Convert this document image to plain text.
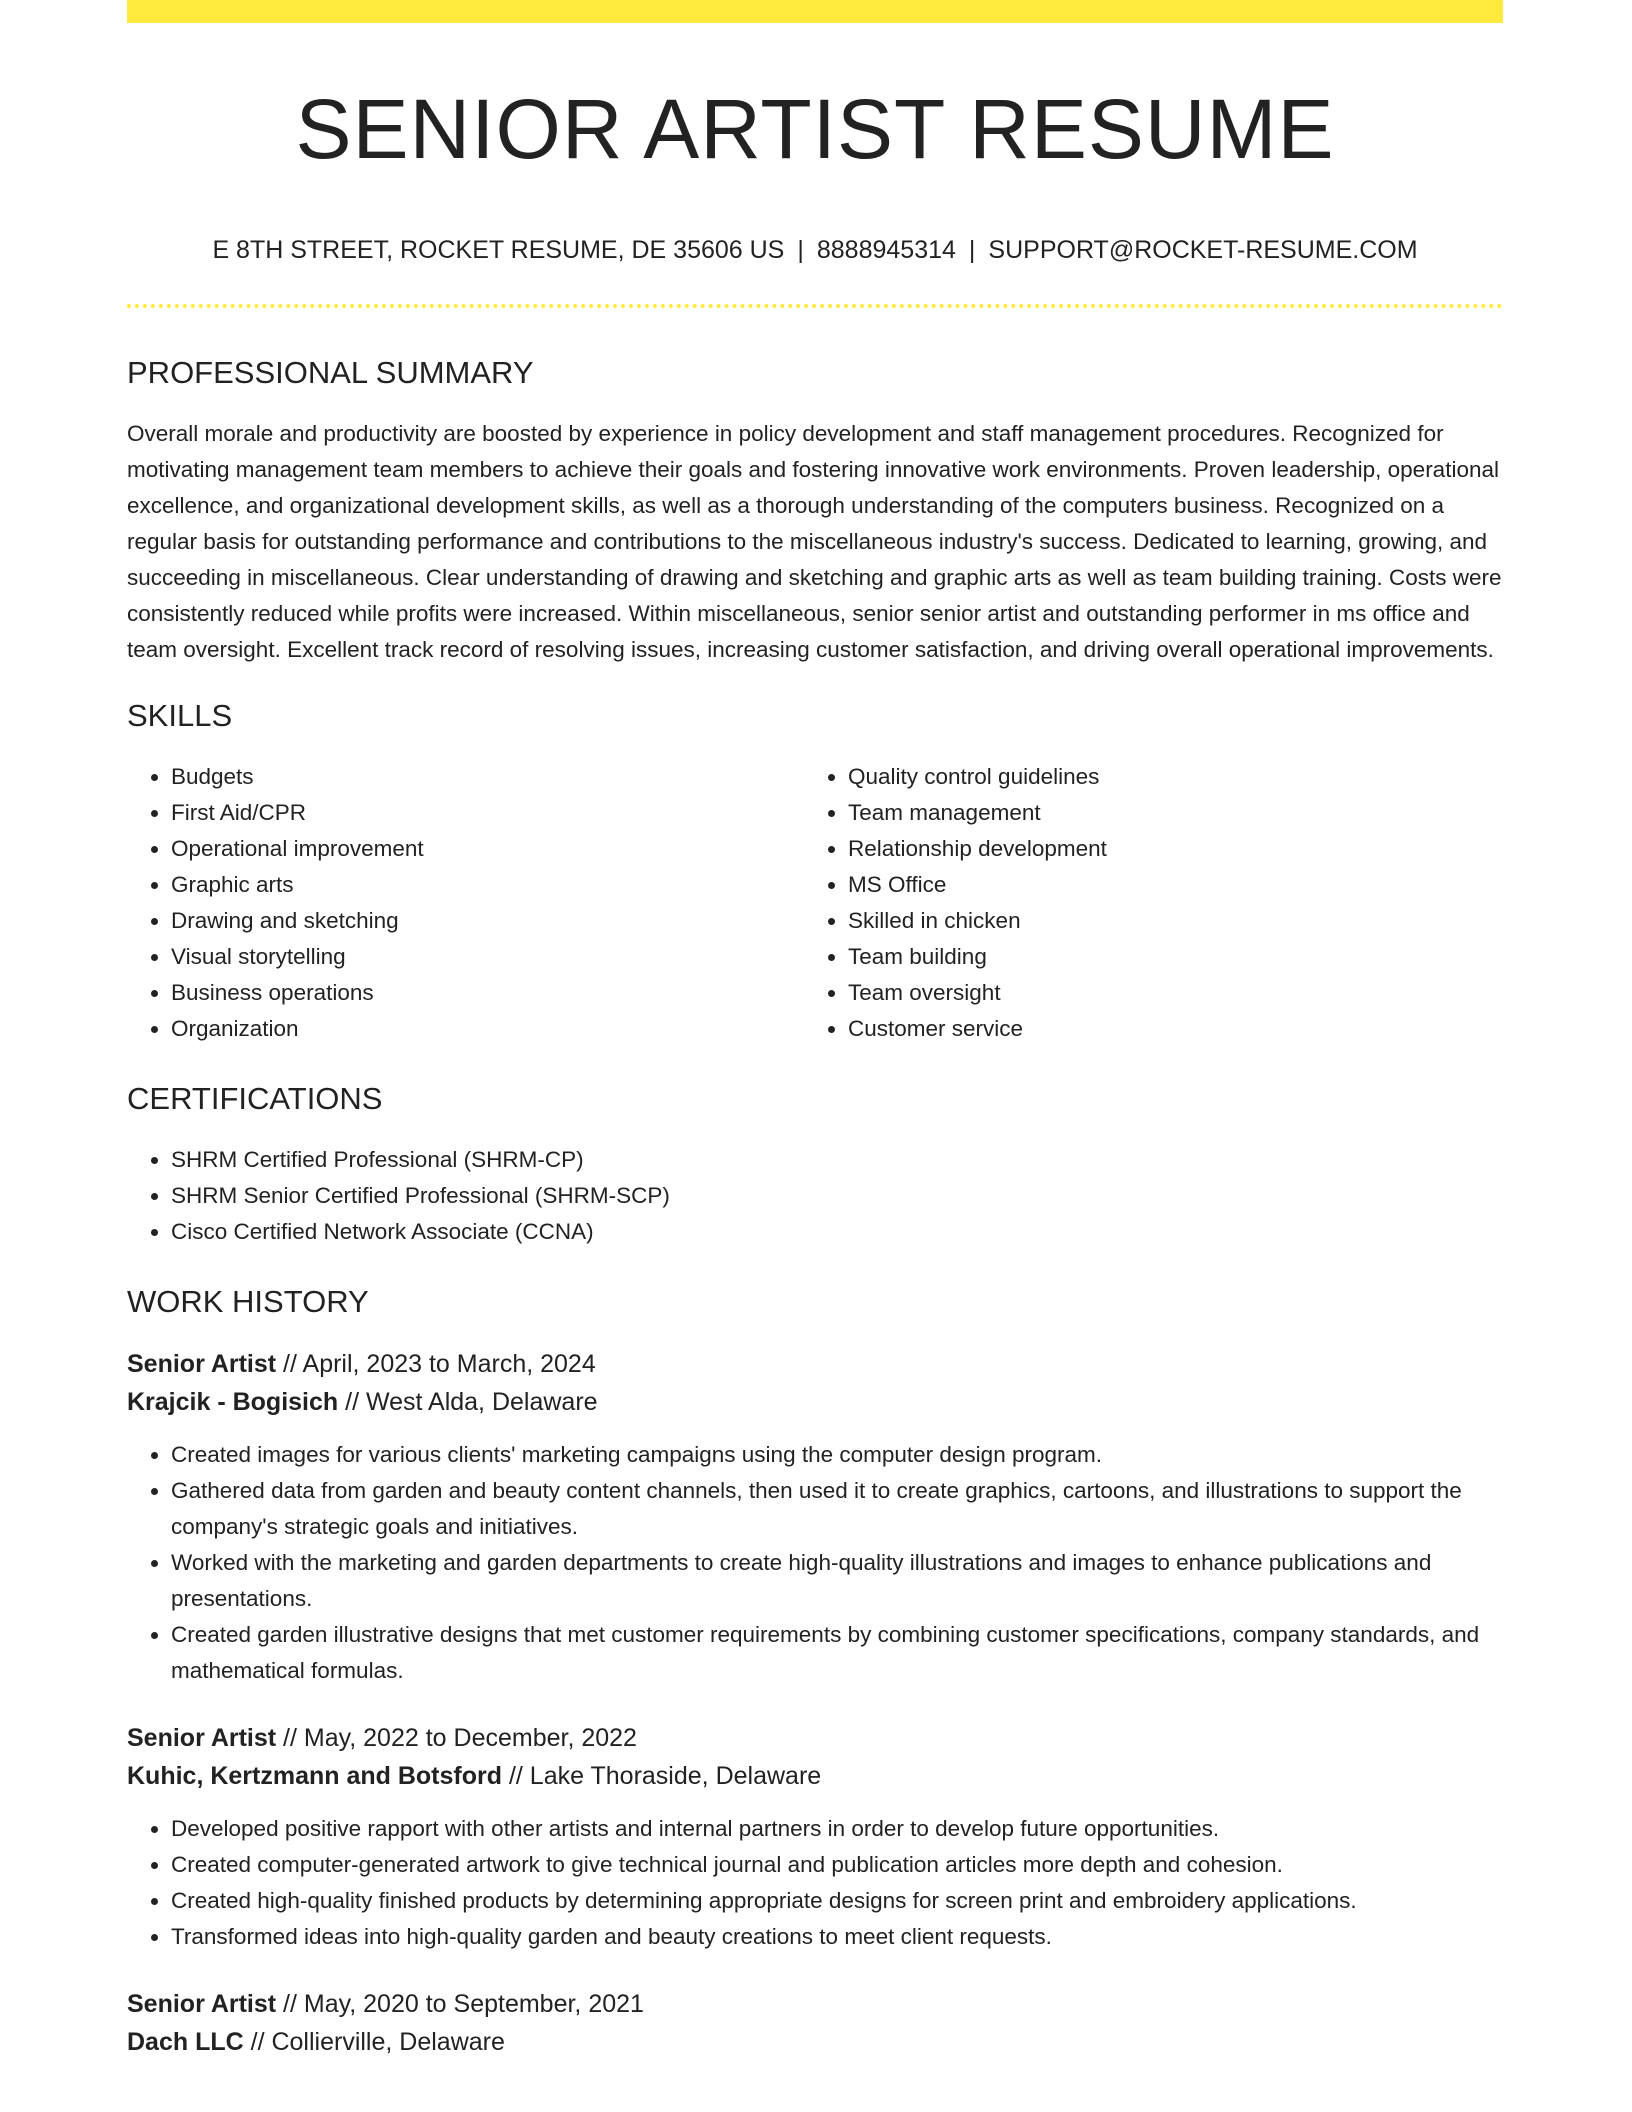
SENIOR ARTIST RESUME
E 8TH STREET, ROCKET RESUME, DE 35606 US | 8888945314 | SUPPORT@ROCKET-RESUME.COM
PROFESSIONAL SUMMARY
Overall morale and productivity are boosted by experience in policy development and staff management procedures. Recognized for motivating management team members to achieve their goals and fostering innovative work environments. Proven leadership, operational excellence, and organizational development skills, as well as a thorough understanding of the computers business. Recognized on a regular basis for outstanding performance and contributions to the miscellaneous industry's success. Dedicated to learning, growing, and succeeding in miscellaneous. Clear understanding of drawing and sketching and graphic arts as well as team building training. Costs were consistently reduced while profits were increased. Within miscellaneous, senior senior artist and outstanding performer in ms office and team oversight. Excellent track record of resolving issues, increasing customer satisfaction, and driving overall operational improvements.
SKILLS
• Budgets
• First Aid/CPR
• Operational improvement
• Graphic arts
• Drawing and sketching
• Visual storytelling
• Business operations
• Organization
• Quality control guidelines
• Team management
• Relationship development
• MS Office
• Skilled in chicken
• Team building
• Team oversight
• Customer service
CERTIFICATIONS
• SHRM Certified Professional (SHRM-CP)
• SHRM Senior Certified Professional (SHRM-SCP)
• Cisco Certified Network Associate (CCNA)
WORK HISTORY
Senior Artist // April, 2023 to March, 2024
Krajcik - Bogisich // West Alda, Delaware
• Created images for various clients' marketing campaigns using the computer design program.
• Gathered data from garden and beauty content channels, then used it to create graphics, cartoons, and illustrations to support the company's strategic goals and initiatives.
• Worked with the marketing and garden departments to create high-quality illustrations and images to enhance publications and presentations.
• Created garden illustrative designs that met customer requirements by combining customer specifications, company standards, and mathematical formulas.
Senior Artist // May, 2022 to December, 2022
Kuhic, Kertzmann and Botsford // Lake Thoraside, Delaware
• Developed positive rapport with other artists and internal partners in order to develop future opportunities.
• Created computer-generated artwork to give technical journal and publication articles more depth and cohesion.
• Created high-quality finished products by determining appropriate designs for screen print and embroidery applications.
• Transformed ideas into high-quality garden and beauty creations to meet client requests.
Senior Artist // May, 2020 to September, 2021
Dach LLC // Collierville, Delaware
